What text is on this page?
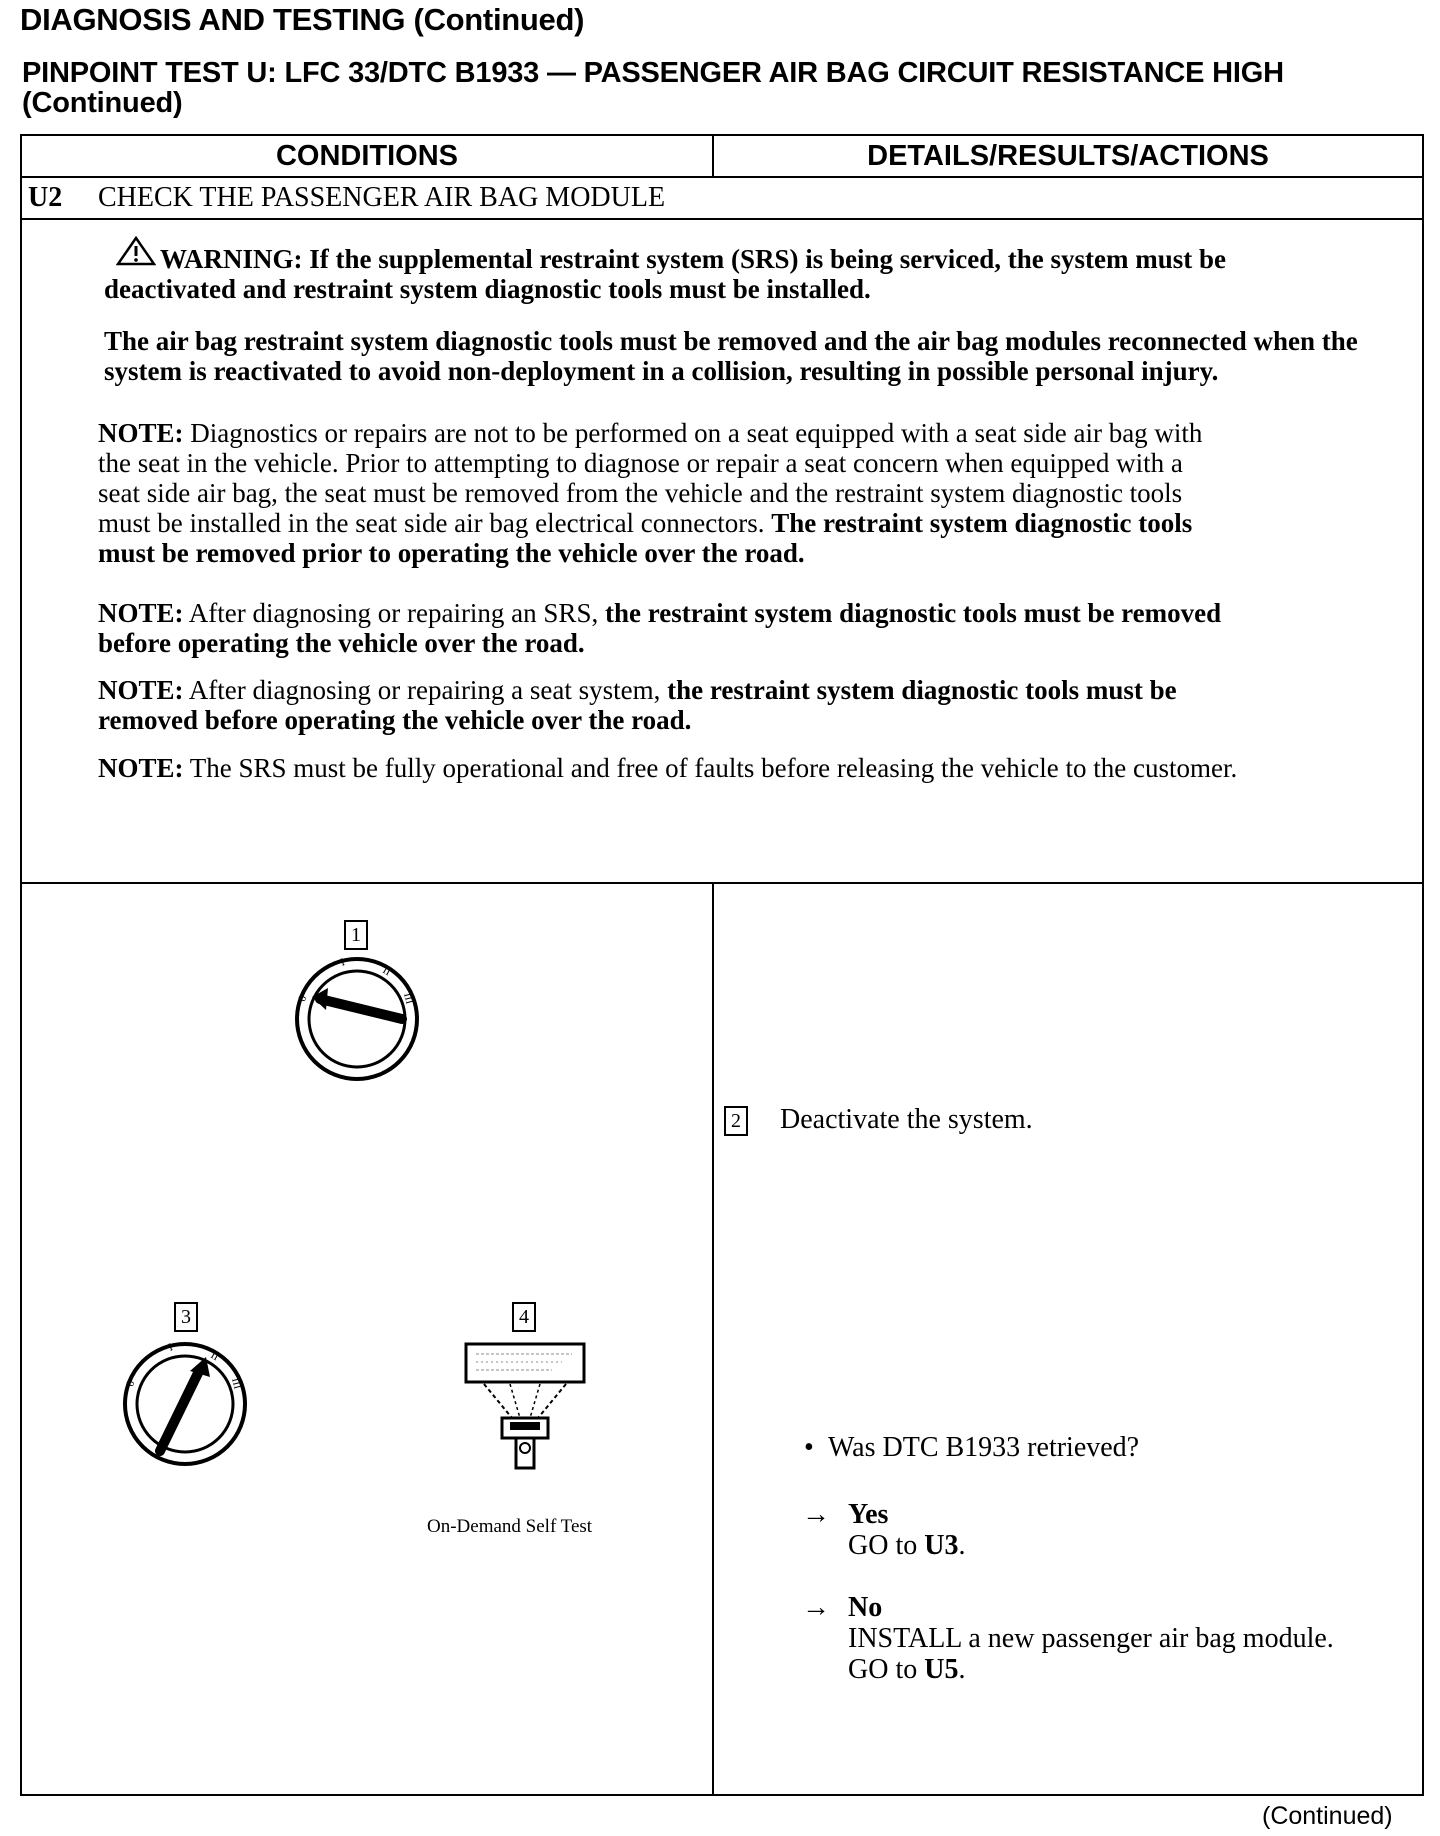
DIAGNOSIS AND TESTING (Continued)
PINPOINT TEST U: LFC 33/DTC B1933 — PASSENGER AIR BAG CIRCUIT RESISTANCE HIGH (Continued)
CONDITIONS	DETAILS/RESULTS/ACTIONS
U2 CHECK THE PASSENGER AIR BAG MODULE
WARNING: If the supplemental restraint system (SRS) is being serviced, the system must be deactivated and restraint system diagnostic tools must be installed.
The air bag restraint system diagnostic tools must be removed and the air bag modules reconnected when the system is reactivated to avoid non-deployment in a collision, resulting in possible personal injury.
NOTE: Diagnostics or repairs are not to be performed on a seat equipped with a seat side air bag with the seat in the vehicle. Prior to attempting to diagnose or repair a seat concern when equipped with a seat side air bag, the seat must be removed from the vehicle and the restraint system diagnostic tools must be installed in the seat side air bag electrical connectors. The restraint system diagnostic tools must be removed prior to operating the vehicle over the road.
NOTE: After diagnosing or repairing an SRS, the restraint system diagnostic tools must be removed before operating the vehicle over the road.
NOTE: After diagnosing or repairing a seat system, the restraint system diagnostic tools must be removed before operating the vehicle over the road.
NOTE: The SRS must be fully operational and free of faults before releasing the vehicle to the customer.
1
0
I
II
III
2 Deactivate the system.
3
0
I
II
III
4
On-Demand Self Test
• Was DTC B1933 retrieved?
→ Yes
GO to U3.
→ No
INSTALL a new passenger air bag module.
GO to U5.
(Continued)
